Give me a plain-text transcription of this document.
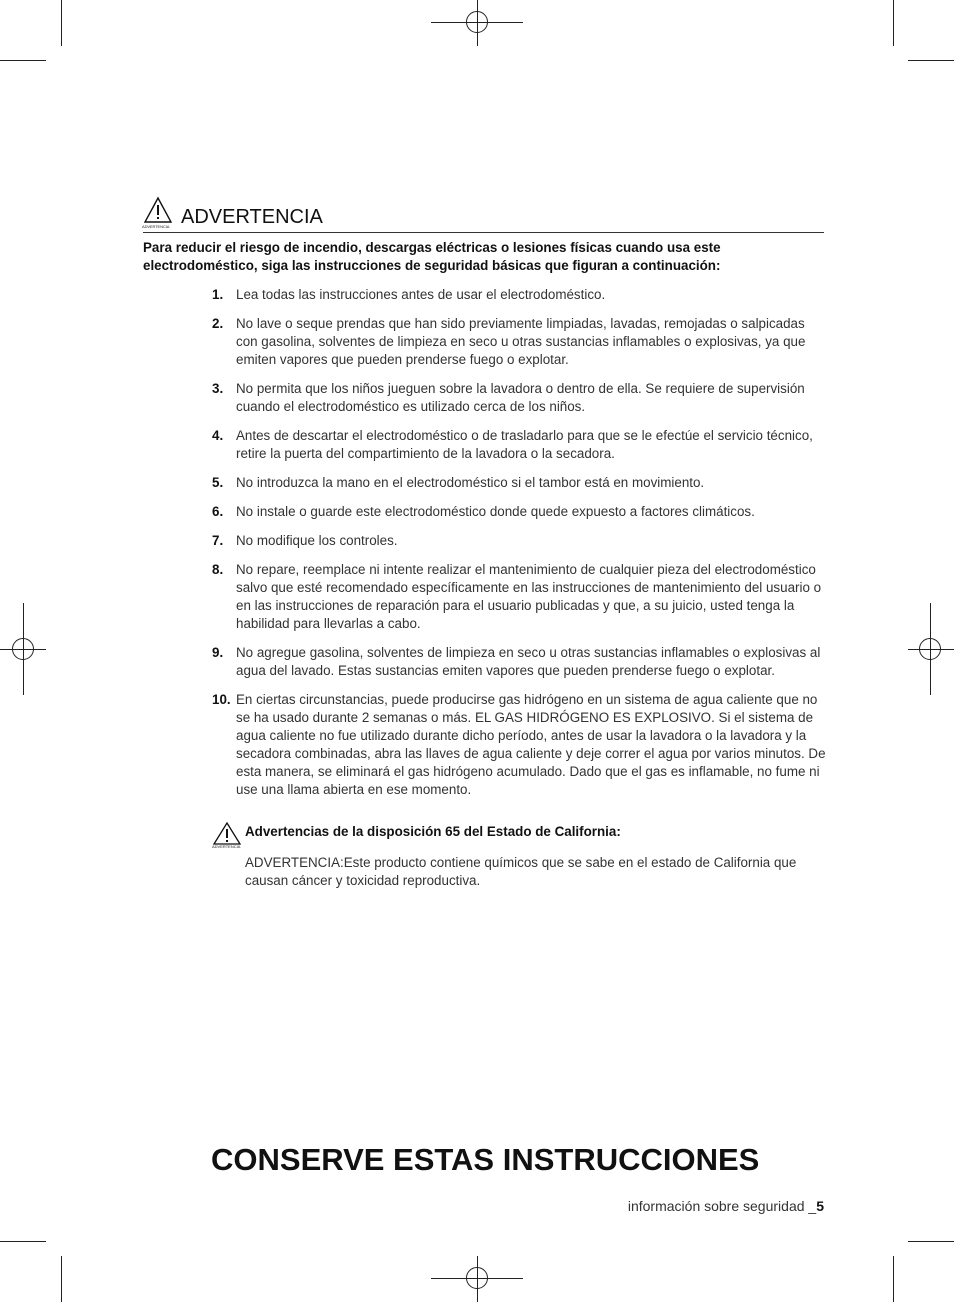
ADVERTENCIA ADVERTENCIA
Para reducir el riesgo de incendio, descargas eléctricas o lesiones físicas cuando usa este electrodoméstico, siga las instrucciones de seguridad básicas que figuran a continuación:
1. Lea todas las instrucciones antes de usar el electrodoméstico.
2. No lave o seque prendas que han sido previamente limpiadas, lavadas, remojadas o salpicadas con gasolina, solventes de limpieza en seco u otras sustancias inflamables o explosivas, ya que emiten vapores que pueden prenderse fuego o explotar.
3. No permita que los niños jueguen sobre la lavadora o dentro de ella. Se requiere de supervisión cuando el electrodoméstico es utilizado cerca de los niños.
4. Antes de descartar el electrodoméstico o de trasladarlo para que se le efectúe el servicio técnico, retire la puerta del compartimiento de la lavadora o la secadora.
5. No introduzca la mano en el electrodoméstico si el tambor está en movimiento.
6. No instale o guarde este electrodoméstico donde quede expuesto a factores climáticos.
7. No modifique los controles.
8. No repare, reemplace ni intente realizar el mantenimiento de cualquier pieza del electrodoméstico salvo que esté recomendado específicamente en las instrucciones de mantenimiento del usuario o en las instrucciones de reparación para el usuario publicadas y que, a su juicio, usted tenga la habilidad para llevarlas a cabo.
9. No agregue gasolina, solventes de limpieza en seco u otras sustancias inflamables o explosivas al agua del lavado. Estas sustancias emiten vapores que pueden prenderse fuego o explotar.
10. En ciertas circunstancias, puede producirse gas hidrógeno en un sistema de agua caliente que no se ha usado durante 2 semanas o más. EL GAS HIDRÓGENO ES EXPLOSIVO. Si el sistema de agua caliente no fue utilizado durante dicho período, antes de usar la lavadora o la lavadora y la secadora combinadas, abra las llaves de agua caliente y deje correr el agua por varios minutos. De esta manera, se eliminará el gas hidrógeno acumulado. Dado que el gas es inflamable, no fume ni use una llama abierta en ese momento.
ADVERTENCIA
Advertencias de la disposición 65 del Estado de California:
ADVERTENCIA:Este producto contiene químicos que se sabe en el estado de California que causan cáncer y toxicidad reproductiva.
CONSERVE ESTAS INSTRUCCIONES
información sobre seguridad _5
